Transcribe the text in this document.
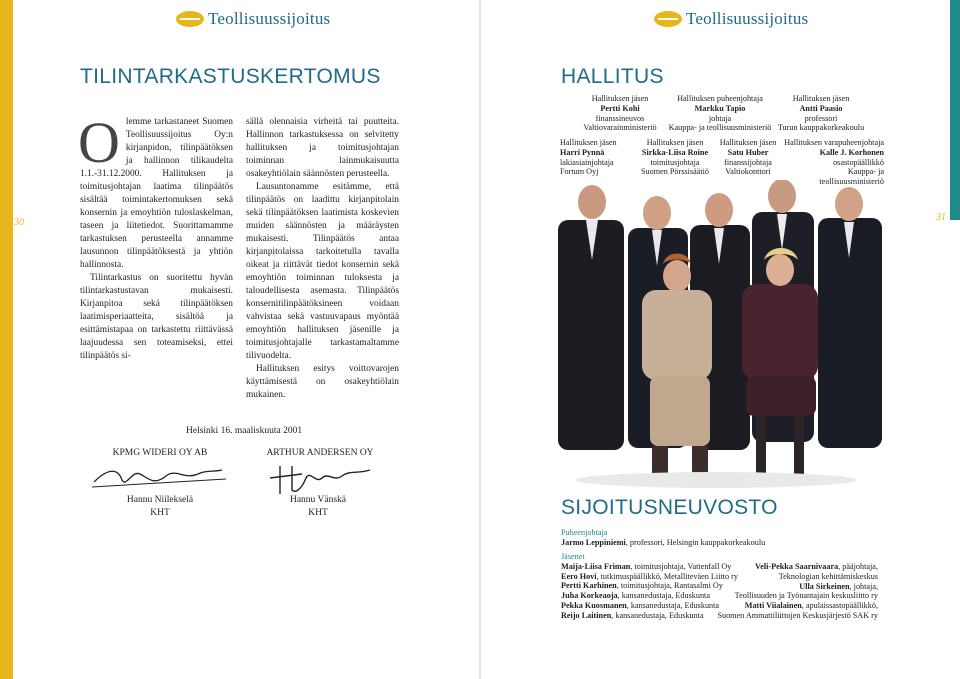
Teollisuussijoitus	Teollisuussijoitus
30	31
TILINTARKASTUSKERTOMUS

Olemme tarkastaneet Suomen Teollisuussijoitus Oy:n kirjanpidon, tilinpäätöksen ja hallinnon tilikaudelta 1.1.-31.12.2000. Hallituksen ja toimitusjohtajan laatima tilinpäätös sisältää toimintakertomuksen sekä konsernin ja emoyhtiön tuloslaskelman, taseen ja liitetiedot. Suorittamamme tarkastuksen perusteella annamme lausunnon tilinpäätöksestä ja yhtiön hallinnosta.

Tilintarkastus on suoritettu hyvän tilintarkastustavan mukaisesti. Kirjanpitoa sekä tilinpäätöksen laatimisperiaatteita, sisältöä ja esittämistapaa on tarkastettu riittävässä laajuudessa sen toteamiseksi, ettei tilinpäätös si-

sällä olennaisia virheitä tai puutteita. Hallinnon tarkastuksessa on selvitetty hallituksen ja toimitusjohtajan toiminnan lainmukaisuutta osakeyhtiölain säännösten perusteella.

Lausuntonamme esitämme, että tilinpäätös on laadittu kirjanpitolain sekä tilinpäätöksen laatimista koskevien muiden säännösten ja määräysten mukaisesti. Tilinpäätös antaa kirjanpitolaissa tarkoitetulla tavalla oikeat ja riittävät tiedot konsernin sekä emoyhtiön toiminnan tuloksesta ja taloudellisesta asemasta. Tilinpäätös konsernitilinpäätöksineen voidaan vahvistaa sekä vastuuvapaus myöntää emoyhtiön hallituksen jäsenille ja toimitusjohtajalle tarkastamaltamme tilivuodelta.

Hallituksen esitys voittovarojen käyttämisestä on osakeyhtiölain mukainen.

Helsinki 16. maaliskuuta 2001
KPMG WIDERI OY AB	ARTHUR ANDERSEN OY
Hannu Niilekselä
KHT
Hannu Vänskä
KHT
HALLITUS
Hallituksen jäsen
Pertti Kohi
finanssineuvos
Valtiovarainministeriö
Hallituksen puheenjohtaja
Markku Tapio
johtaja
Kauppa- ja teollisuusministeriö
Hallituksen jäsen
Antti Paasio
professori
Turun kauppakorkeakoulu
Hallituksen jäsen
Harri Pynnä
lakiasiainjohtaja
Fortum Oyj
Hallituksen jäsen
Sirkka-Liisa Roine
toimitusjohtaja
Suomen Pörssisäätiö
Hallituksen jäsen
Satu Huber
finanssijohtaja
Valtiokonttori
Hallituksen varapuheenjohtaja
Kalle J. Korhonen
osastopäällikkö
Kauppa- ja teollisuusministeriö
SIJOITUSNEUVOSTO
Puheenjohtaja
Jarmo Leppiniemi, professori, Helsingin kauppakorkeakoulu
Jäsenet
Maija-Liisa Friman, toimitusjohtaja, Vattenfall Oy
Eero Hovi, tutkimuspäällikkö, Metalliteväen Liitto ry
Pertti Karhinen, toimitusjohtaja, Rantasalmi Oy
Juha Korkeaoja, kansanedustaja, Eduskunta
Pekka Kuosmanen, kansanedustaja, Eduskunta
Reijo Laitinen, kansanedustaja, Eduskunta
Veli-Pekka Saarnivaara, pääjohtaja,
Teknologian kehittämiskeskus
Ulla Sirkeinen, johtaja,
Teollisuuden ja Työnantajain keskusliitto ry
Matti Viialainen, apulaissastopäällikkö,
Suomen Ammattiliittojen Keskusjärjestö SAK ry
